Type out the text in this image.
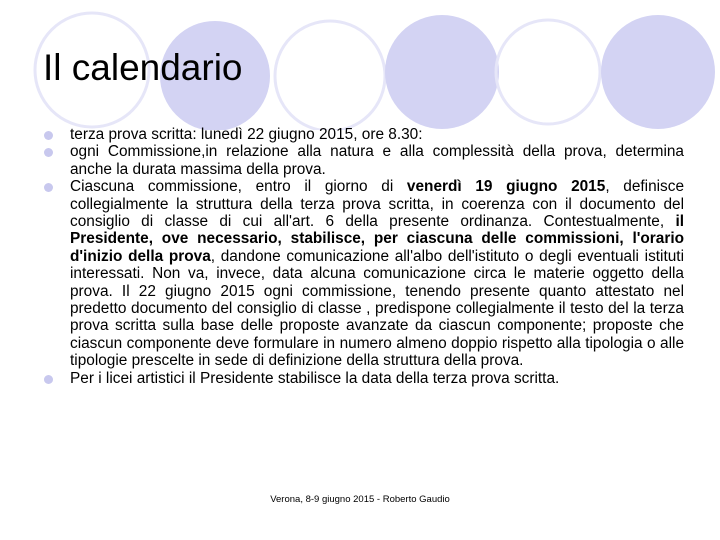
Il calendario
terza prova scritta: lunedì 22 giugno 2015, ore 8.30:
ogni Commissione,in relazione alla natura e alla complessità della prova, determina anche la durata massima della prova.
Ciascuna commissione, entro il giorno di venerdì 19 giugno 2015, definisce collegialmente la struttura della terza prova scritta, in coerenza con il documento del consiglio di classe di cui all'art. 6 della presente ordinanza. Contestualmente, il Presidente, ove necessario, stabilisce, per ciascuna delle commissioni, l'orario d'inizio della prova, dandone comunicazione all'albo dell'istituto o degli eventuali istituti interessati. Non va, invece, data alcuna comunicazione circa le materie oggetto della prova. Il 22 giugno 2015 ogni commissione, tenendo presente quanto attestato nel predetto documento del consiglio di classe , predispone collegialmente il testo del la terza prova scritta sulla base delle proposte avanzate da ciascun componente; proposte che ciascun componente deve formulare in numero almeno doppio rispetto alla tipologia o alle tipologie prescelte in sede di definizione della struttura della prova.
Per i licei artistici il Presidente stabilisce la data della terza prova scritta.
Verona, 8-9 giugno 2015 - Roberto Gaudio
